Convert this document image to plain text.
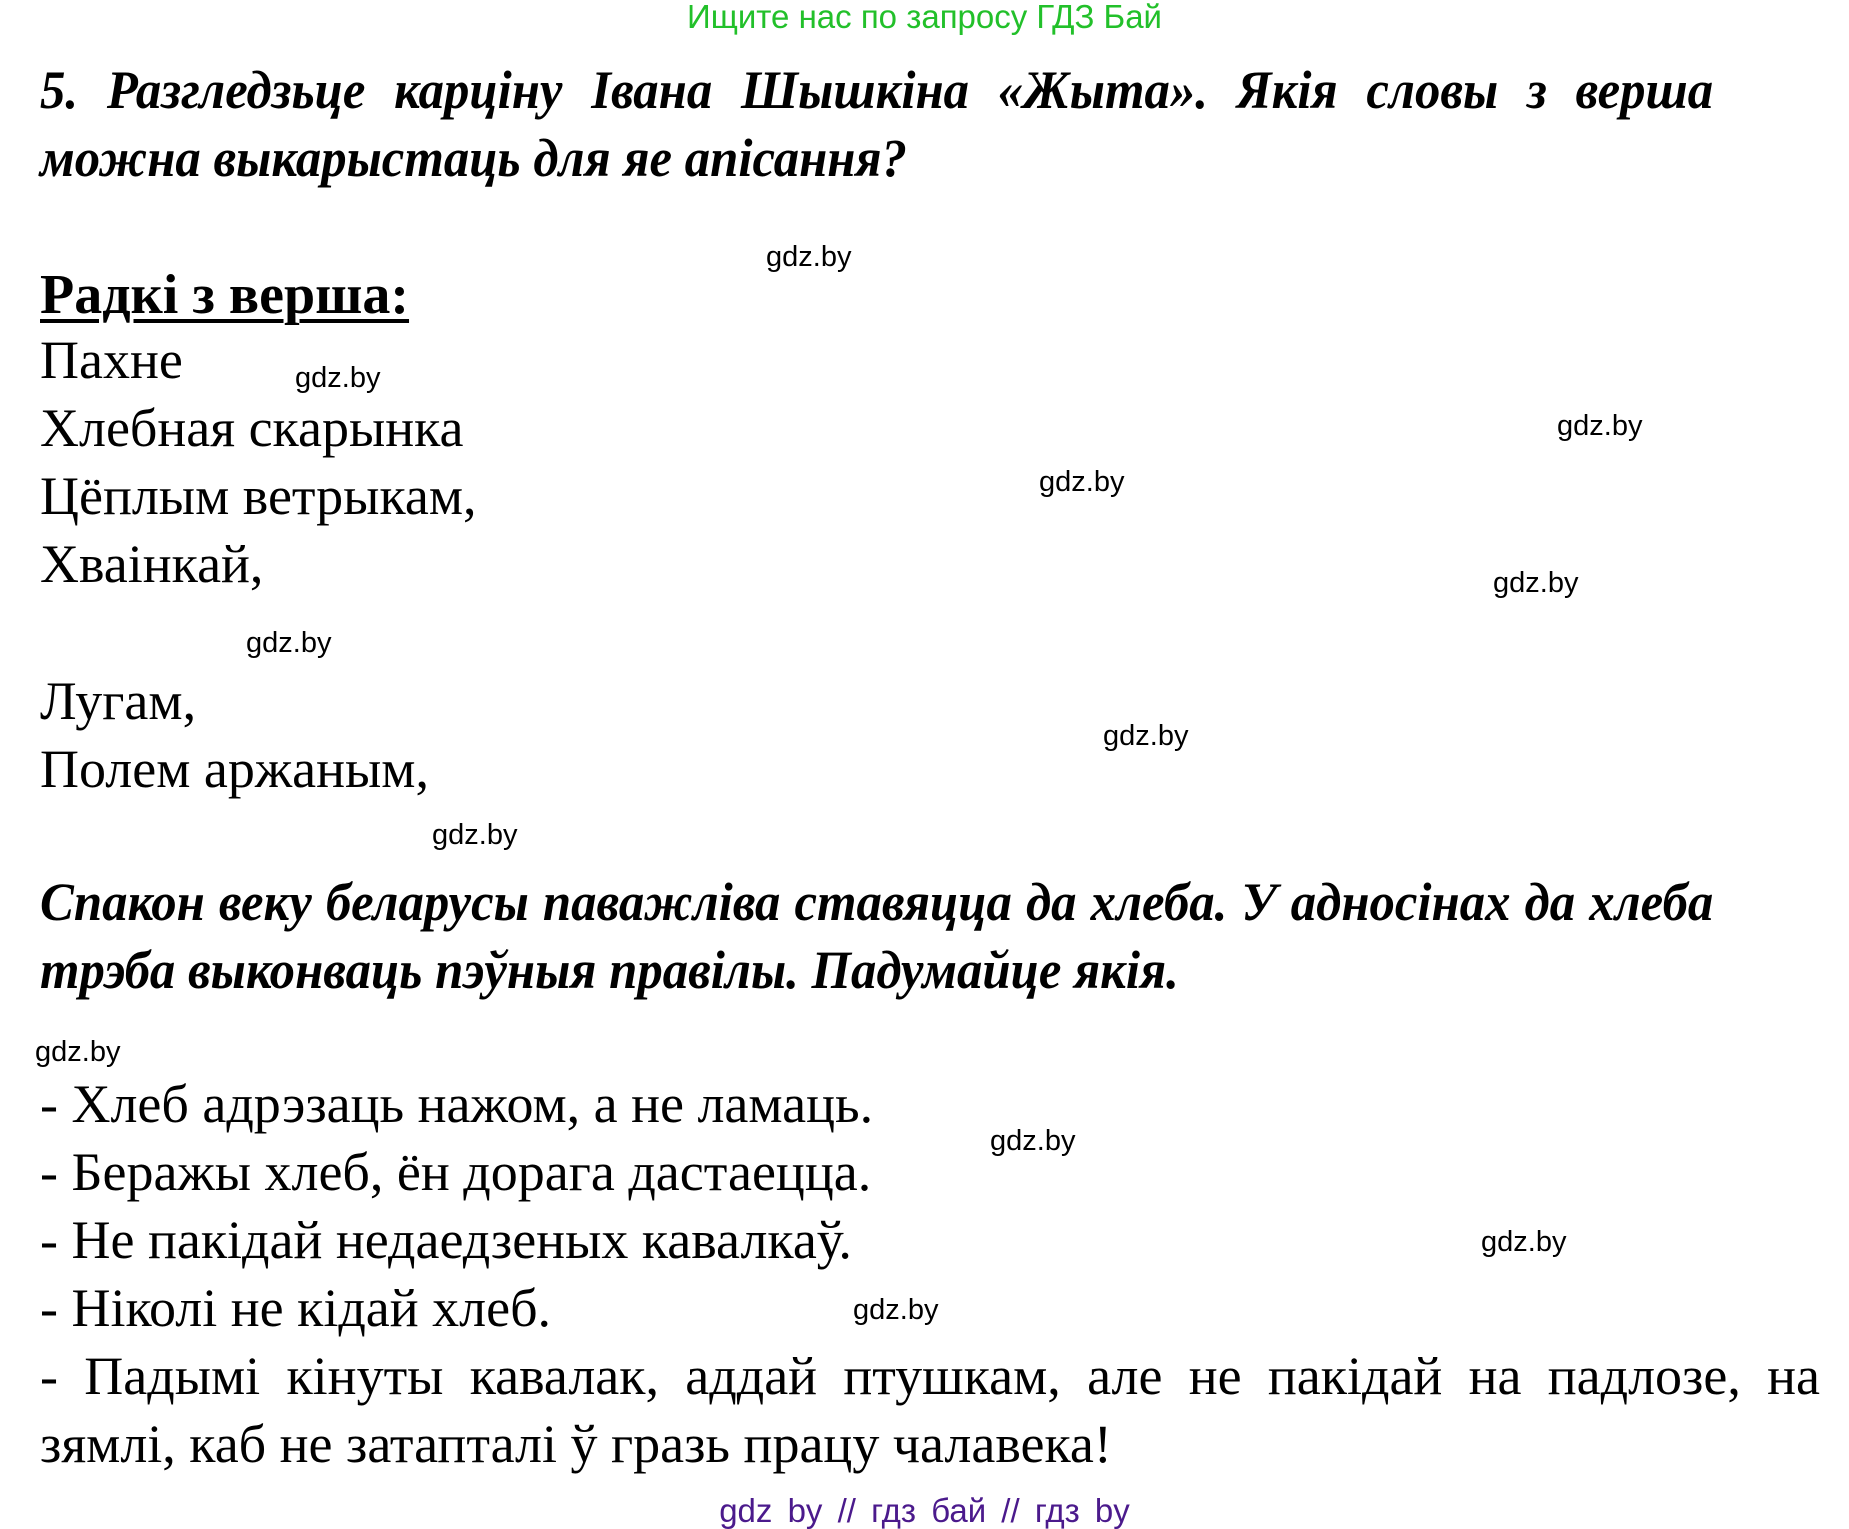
Ищите нас по запросу ГДЗ Бай
5. Разгледзьце карціну Івана Шышкіна «Жыта». Якія словы з верша можна выкарыстаць для яе апісання?
Радкі з верша:
Пахне
Хлебная скарынка
Цёплым ветрыкам,
Хваінкай,
Лугам,
Полем аржаным,
Спакон веку беларусы паважліва ставяцца да хлеба. У адносінах да хлеба трэба выконваць пэўныя правілы. Падумайце якія.
- Хлеб адрэзаць нажом, а не ламаць.
- Беражы хлеб, ён дорага дастаецца.
- Не пакідай недаедзеных кавалкаў.
- Ніколі не кідай хлеб.
- Падымі кінуты кавалак, аддай птушкам, але не пакідай на падлозе, на зямлі, каб не затапталі ў гразь працу чалавека!
gdz.by
gdz.by
gdz.by
gdz.by
gdz.by
gdz.by
gdz.by
gdz.by
gdz.by
gdz.by
gdz.by
gdz.by
gdz by // гдз бай // гдз by
